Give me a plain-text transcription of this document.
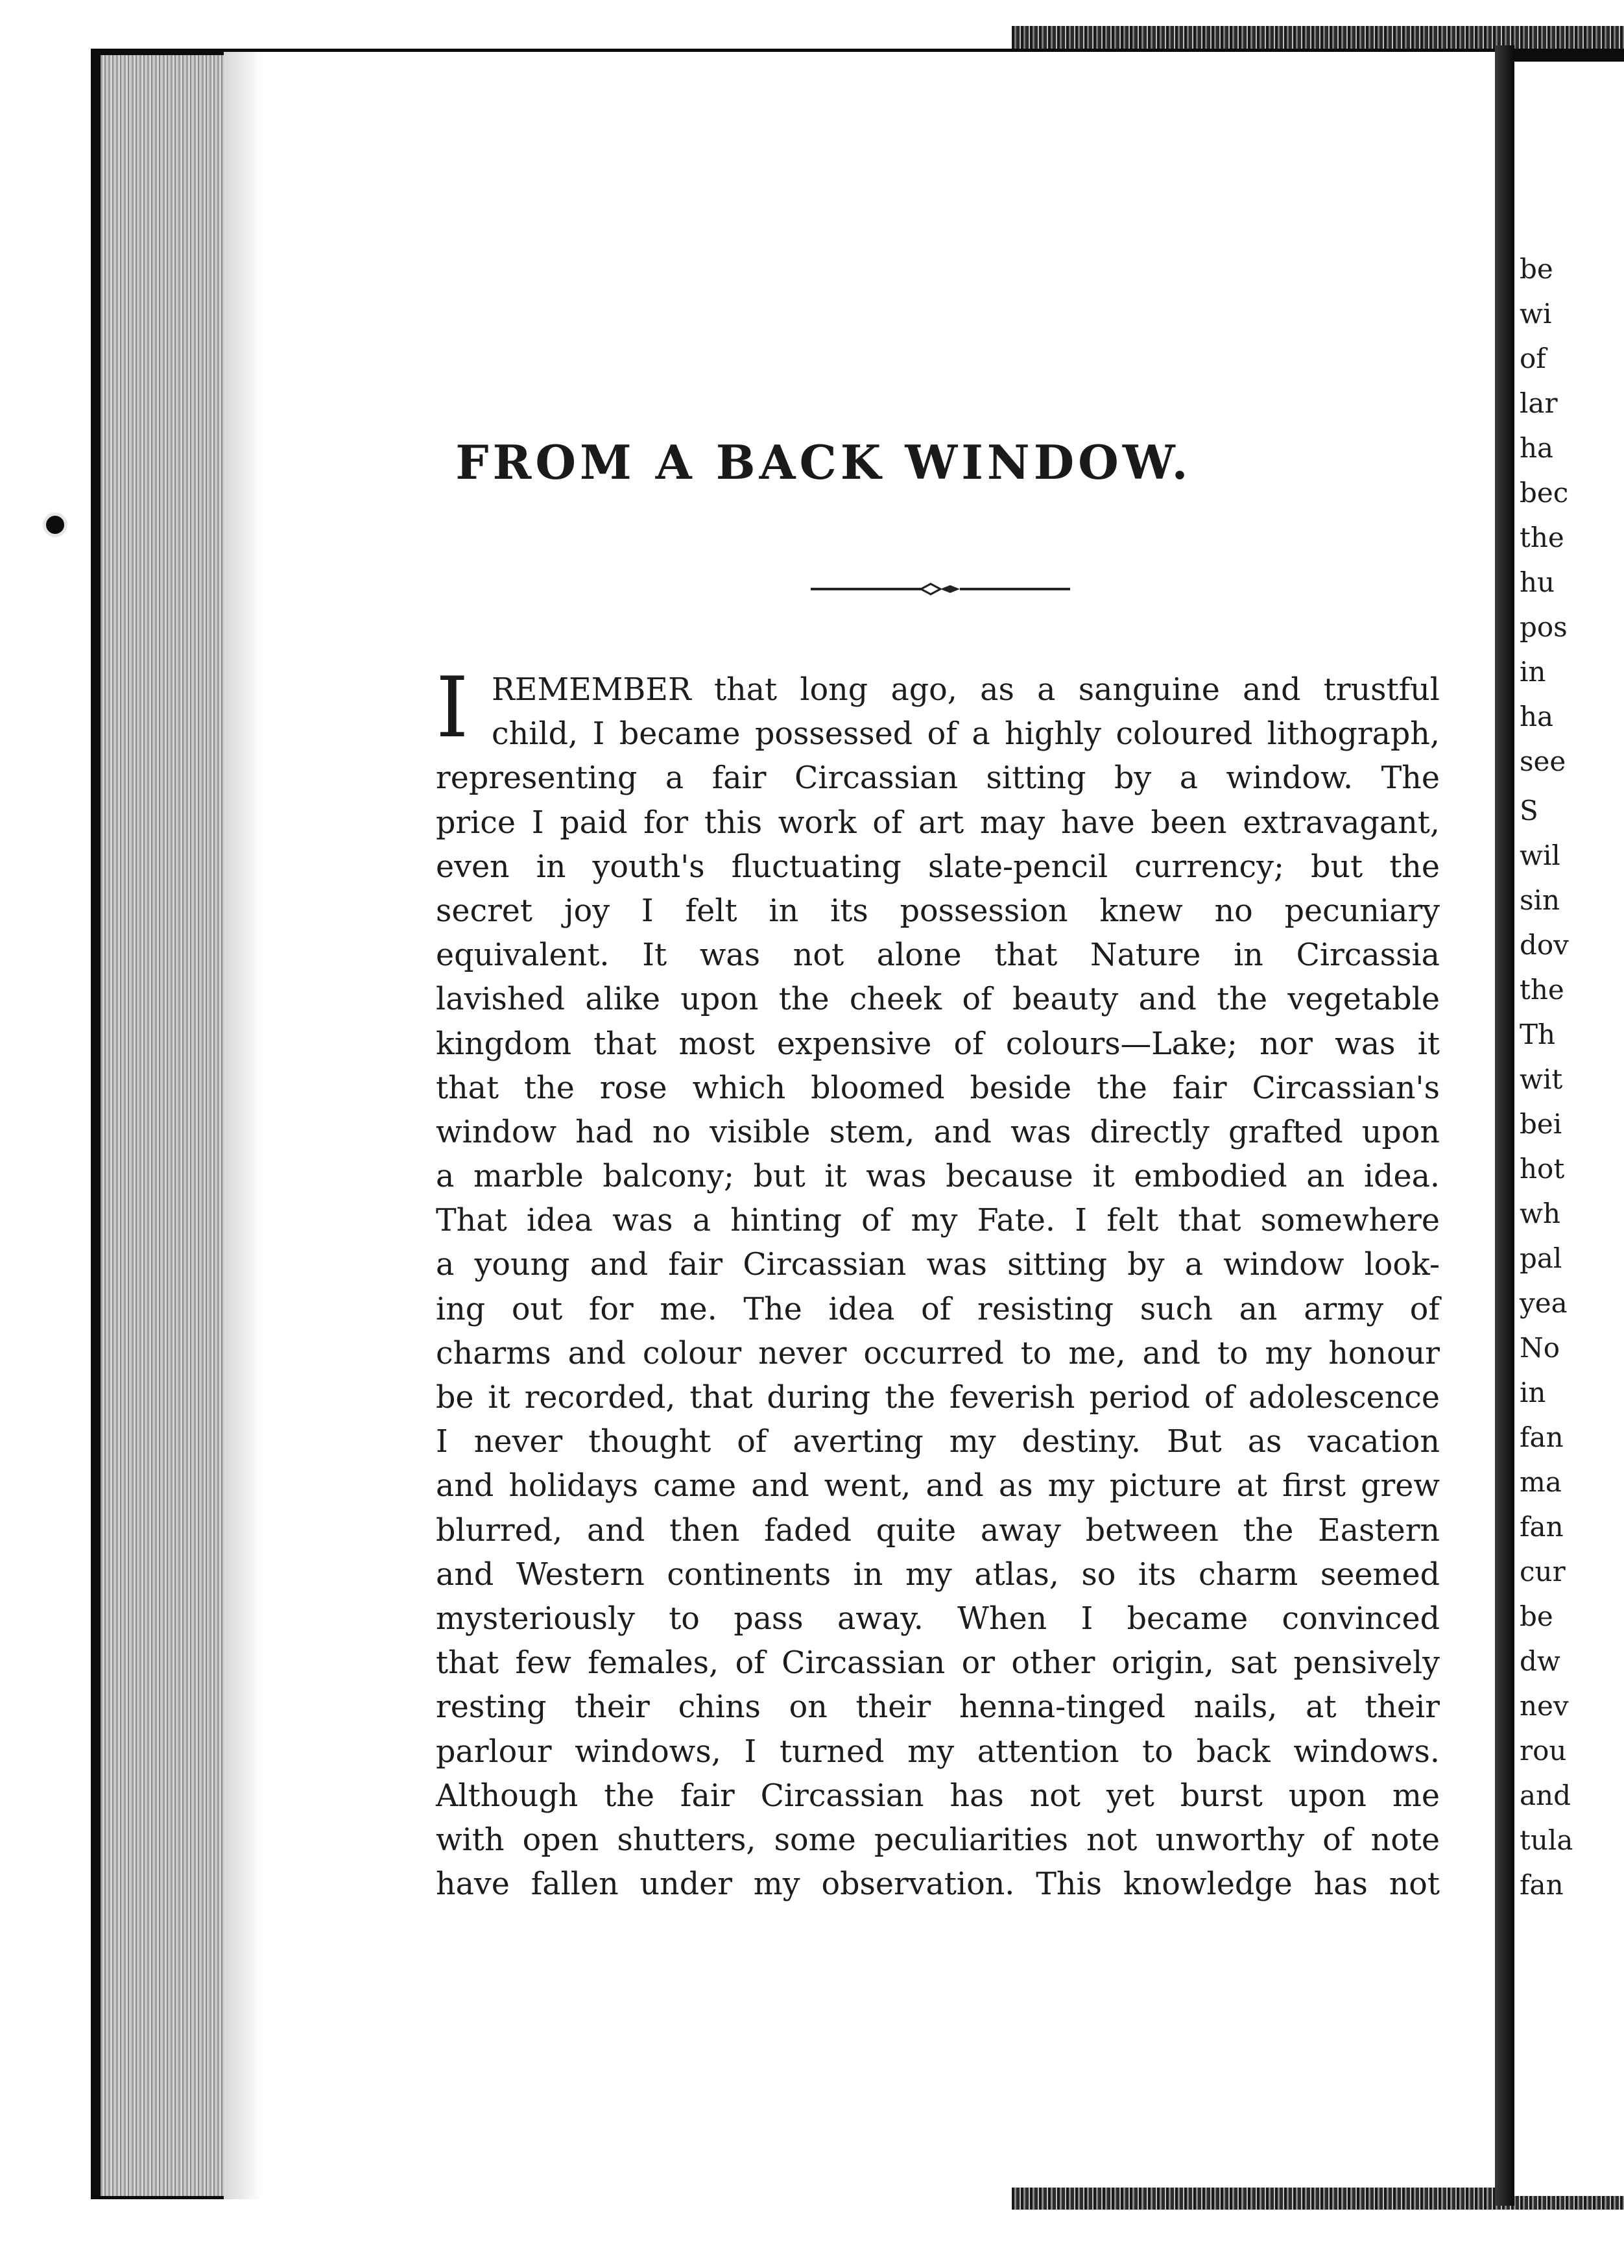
be
wi
of
lar
ha
bec
the
hu
pos
in
ha
see
S
wil
sin
dov
the
Th
wit
bei
hot
wh
pal
yea
No
in
fan
ma
fan
cur
be
dw
nev
rou
and
tula
fan
FROM A BACK WINDOW.
I REMEMBER that long ago, as a sanguine and trustful
child, I became possessed of a highly coloured lithograph,
representing a fair Circassian sitting by a window. The
price I paid for this work of art may have been extravagant,
even in youth's fluctuating slate-pencil currency; but the
secret joy I felt in its possession knew no pecuniary
equivalent. It was not alone that Nature in Circassia
lavished alike upon the cheek of beauty and the vegetable
kingdom that most expensive of colours—Lake; nor was it
that the rose which bloomed beside the fair Circassian's
window had no visible stem, and was directly grafted upon
a marble balcony; but it was because it embodied an idea.
That idea was a hinting of my Fate. I felt that somewhere
a young and fair Circassian was sitting by a window look-
ing out for me. The idea of resisting such an army of
charms and colour never occurred to me, and to my honour
be it recorded, that during the feverish period of adolescence
I never thought of averting my destiny. But as vacation
and holidays came and went, and as my picture at first grew
blurred, and then faded quite away between the Eastern
and Western continents in my atlas, so its charm seemed
mysteriously to pass away. When I became convinced
that few females, of Circassian or other origin, sat pensively
resting their chins on their henna-tinged nails, at their
parlour windows, I turned my attention to back windows.
Although the fair Circassian has not yet burst upon me
with open shutters, some peculiarities not unworthy of note
have fallen under my observation. This knowledge has not
